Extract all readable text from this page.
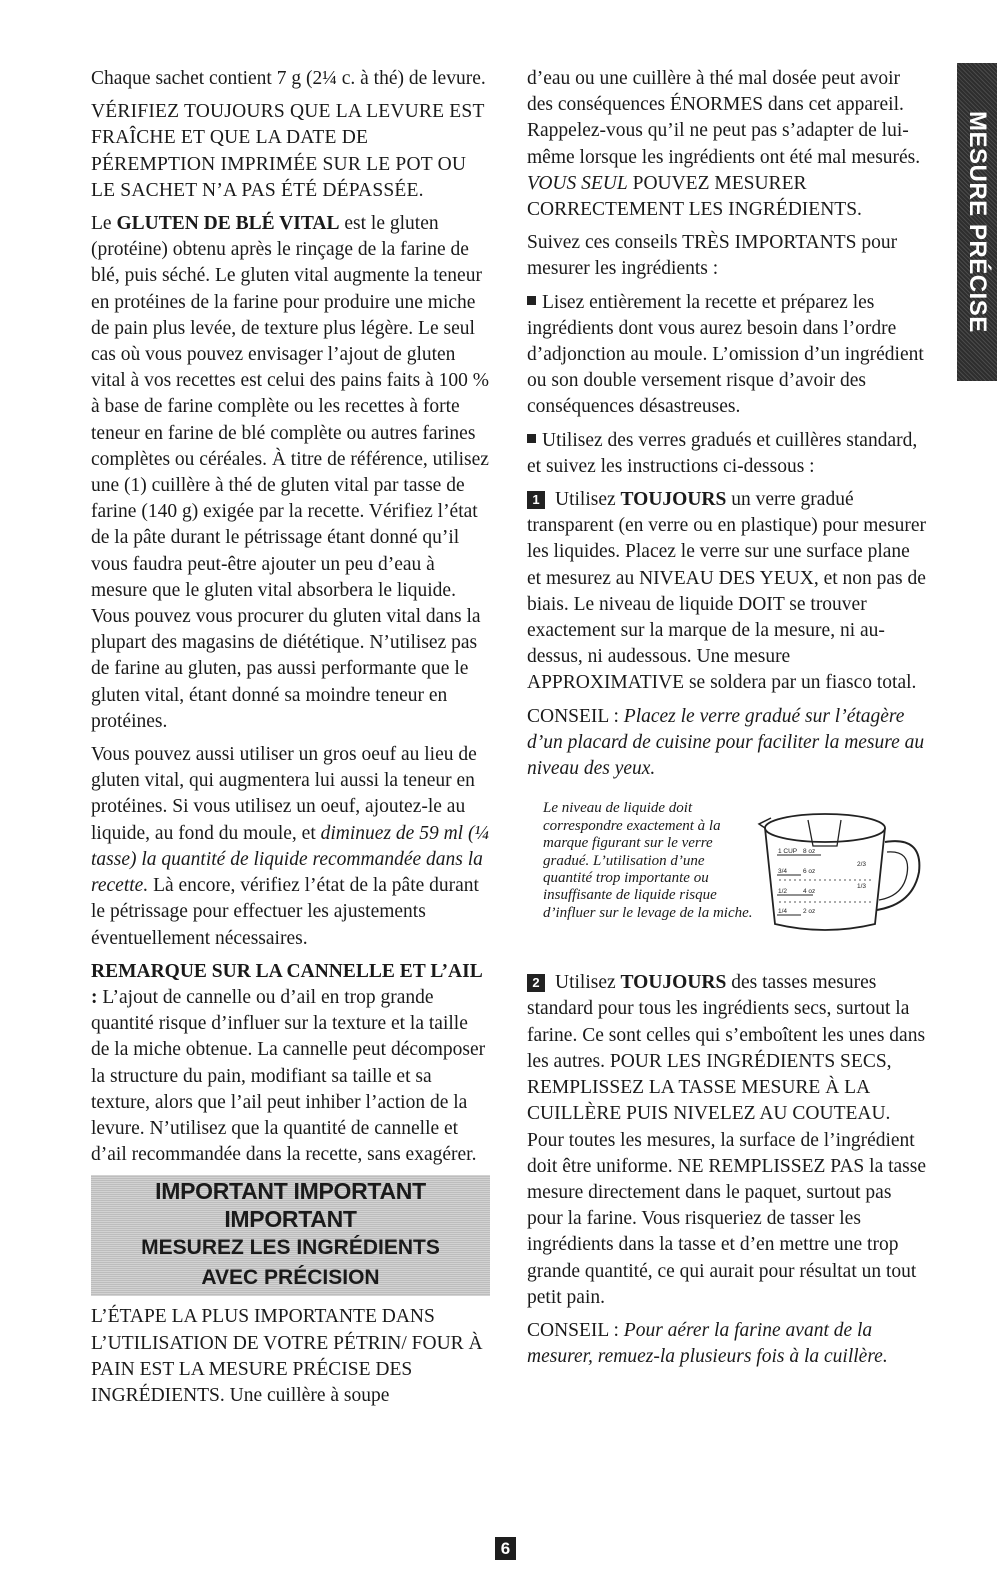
Chaque sachet contient 7 g (2¼ c. à thé) de levure.

VÉRIFIEZ TOUJOURS QUE LA LEVURE EST FRAÎCHE ET QUE LA DATE DE PÉREMPTION IMPRIMÉE SUR LE POT OU LE SACHET N’A PAS ÉTÉ DÉPASSÉE.

Le GLUTEN DE BLÉ VITAL est le gluten (protéine) obtenu après le rinçage de la farine de blé, puis séché. Le gluten vital augmente la teneur en protéines de la farine pour produire une miche de pain plus levée, de texture plus légère. Le seul cas où vous pouvez envisager l’ajout de gluten vital à vos recettes est celui des pains faits à 100 % à base de farine complète ou les recettes à forte teneur en farine de blé complète ou autres farines complètes ou céréales. À titre de référence, utilisez une (1) cuillère à thé de gluten vital par tasse de farine (140 g) exigée par la recette. Vérifiez l’état de la pâte durant le pétrissage étant donné qu’il vous faudra peut-être ajouter un peu d’eau à mesure que le gluten vital absorbera le liquide. Vous pouvez vous procurer du gluten vital dans la plupart des magasins de diététique. N’utilisez pas de farine au gluten, pas aussi performante que le gluten vital, étant donné sa moindre teneur en protéines.

Vous pouvez aussi utiliser un gros oeuf au lieu de gluten vital, qui augmentera lui aussi la teneur en protéines. Si vous utilisez un oeuf, ajoutez-le au liquide, au fond du moule, et diminuez de 59 ml (¼ tasse) la quantité de liquide recommandée dans la recette. Là encore, vérifiez l’état de la pâte durant le pétrissage pour effectuer les ajustements éventuellement nécessaires.

REMARQUE SUR LA CANNELLE ET L’AIL : L’ajout de cannelle ou d’ail en trop grande quantité risque d’influer sur la texture et la taille de la miche obtenue. La cannelle peut décomposer la structure du pain, modifiant sa taille et sa texture, alors que l’ail peut inhiber l’action de la levure. N’utilisez que la quantité de cannelle et d’ail recommandée dans la recette, sans exagérer.

IMPORTANT IMPORTANT IMPORTANT
MESUREZ LES INGRÉDIENTS
AVEC PRÉCISION

L’ÉTAPE LA PLUS IMPORTANTE DANS L’UTILISATION DE VOTRE PÉTRIN/ FOUR À PAIN EST LA MESURE PRÉCISE DES INGRÉDIENTS. Une cuillère à soupe

d’eau ou une cuillère à thé mal dosée peut avoir des conséquences ÉNORMES dans cet appareil. Rappelez-vous qu’il ne peut pas s’adapter de lui-même lorsque les ingrédients ont été mal mesurés. VOUS SEUL POUVEZ MESURER CORRECTEMENT LES INGRÉDIENTS.

Suivez ces conseils TRÈS IMPORTANTS pour mesurer les ingrédients :

Lisez entièrement la recette et préparez les ingrédients dont vous aurez besoin dans l’ordre d’adjonction au moule. L’omission d’un ingrédient ou son double versement risque d’avoir des conséquences désastreuses.

Utilisez des verres gradués et cuillères standard, et suivez les instructions ci-dessous :

1 Utilisez TOUJOURS un verre gradué transparent (en verre ou en plastique) pour mesurer les liquides. Placez le verre sur une surface plane et mesurez au NIVEAU DES YEUX, et non pas de biais. Le niveau de liquide DOIT se trouver exactement sur la marque de la mesure, ni au-dessus, ni audessous. Une mesure APPROXIMATIVE se soldera par un fiasco total.

CONSEIL : Placez le verre gradué sur l’étagère d’un placard de cuisine pour faciliter la mesure au niveau des yeux.

Le niveau de liquide doit correspondre exactement à la marque figurant sur le verre gradué. L’utilisation d’une quantité trop importante ou insuffisante de liquide risque d’influer sur le levage de la miche.
1 CUP 8 oz
3/4 6 oz
2/3
1/2 4 oz
1/3
1/4 2 oz

2 Utilisez TOUJOURS des tasses mesures standard pour tous les ingrédients secs, surtout la farine. Ce sont celles qui s’emboîtent les unes dans les autres. POUR LES INGRÉDIENTS SECS, REMPLISSEZ LA TASSE MESURE À LA CUILLÈRE PUIS NIVELEZ AU COUTEAU. Pour toutes les mesures, la surface de l’ingrédient doit être uniforme. NE REMPLISSEZ PAS la tasse mesure directement dans le paquet, surtout pas pour la farine. Vous risqueriez de tasser les ingrédients dans la tasse et d’en mettre une trop grande quantité, ce qui aurait pour résultat un tout petit pain.

CONSEIL : Pour aérer la farine avant de la mesurer, remuez-la plusieurs fois à la cuillère.

MESURE PRÉCISE
6
